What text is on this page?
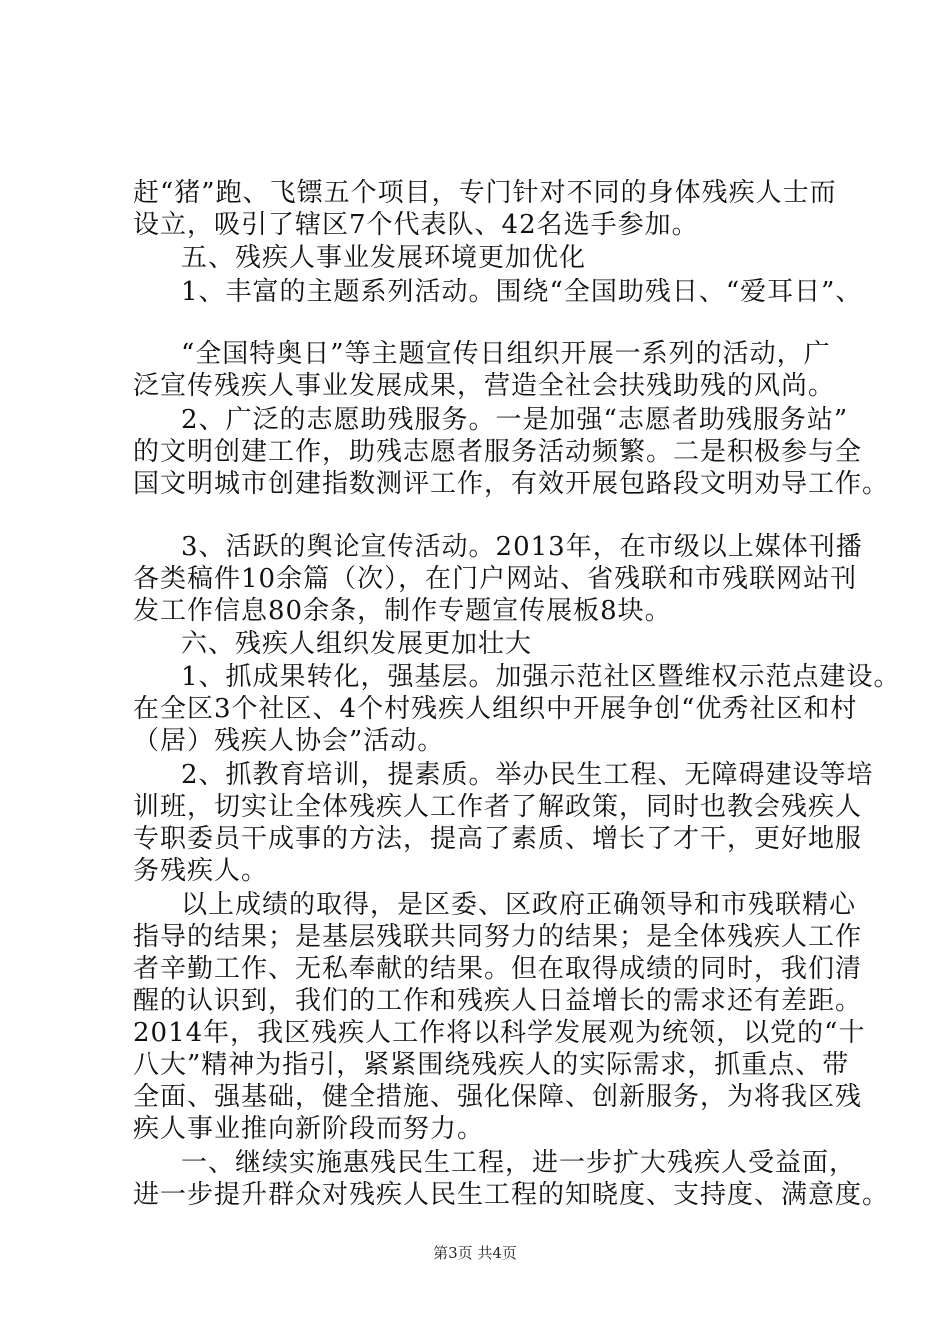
赶“猪”跑、飞镖五个项目，专门针对不同的身体残疾人士而
设立，吸引了辖区7个代表队、42名选手参加。
五、残疾人事业发展环境更加优化
1、丰富的主题系列活动。围绕“全国助残日、“爱耳日”、
“全国特奥日”等主题宣传日组织开展一系列的活动，广
泛宣传残疾人事业发展成果，营造全社会扶残助残的风尚。
2、广泛的志愿助残服务。一是加强“志愿者助残服务站”
的文明创建工作，助残志愿者服务活动频繁。二是积极参与全
国文明城市创建指数测评工作，有效开展包路段文明劝导工作。
3、活跃的舆论宣传活动。2013年，在市级以上媒体刊播
各类稿件10余篇（次），在门户网站、省残联和市残联网站刊
发工作信息80余条，制作专题宣传展板8块。
六、残疾人组织发展更加壮大
1、抓成果转化，强基层。加强示范社区暨维权示范点建设。
在全区3个社区、4个村残疾人组织中开展争创“优秀社区和村
（居）残疾人协会”活动。
2、抓教育培训，提素质。举办民生工程、无障碍建设等培
训班，切实让全体残疾人工作者了解政策，同时也教会残疾人
专职委员干成事的方法，提高了素质、增长了才干，更好地服
务残疾人。
以上成绩的取得，是区委、区政府正确领导和市残联精心
指导的结果；是基层残联共同努力的结果；是全体残疾人工作
者辛勤工作、无私奉献的结果。但在取得成绩的同时，我们清
醒的认识到，我们的工作和残疾人日益增长的需求还有差距。
2014年，我区残疾人工作将以科学发展观为统领，以党的“十
八大”精神为指引，紧紧围绕残疾人的实际需求，抓重点、带
全面、强基础，健全措施、强化保障、创新服务，为将我区残
疾人事业推向新阶段而努力。
一、继续实施惠残民生工程，进一步扩大残疾人受益面，
进一步提升群众对残疾人民生工程的知晓度、支持度、满意度。
第3页 共4页
